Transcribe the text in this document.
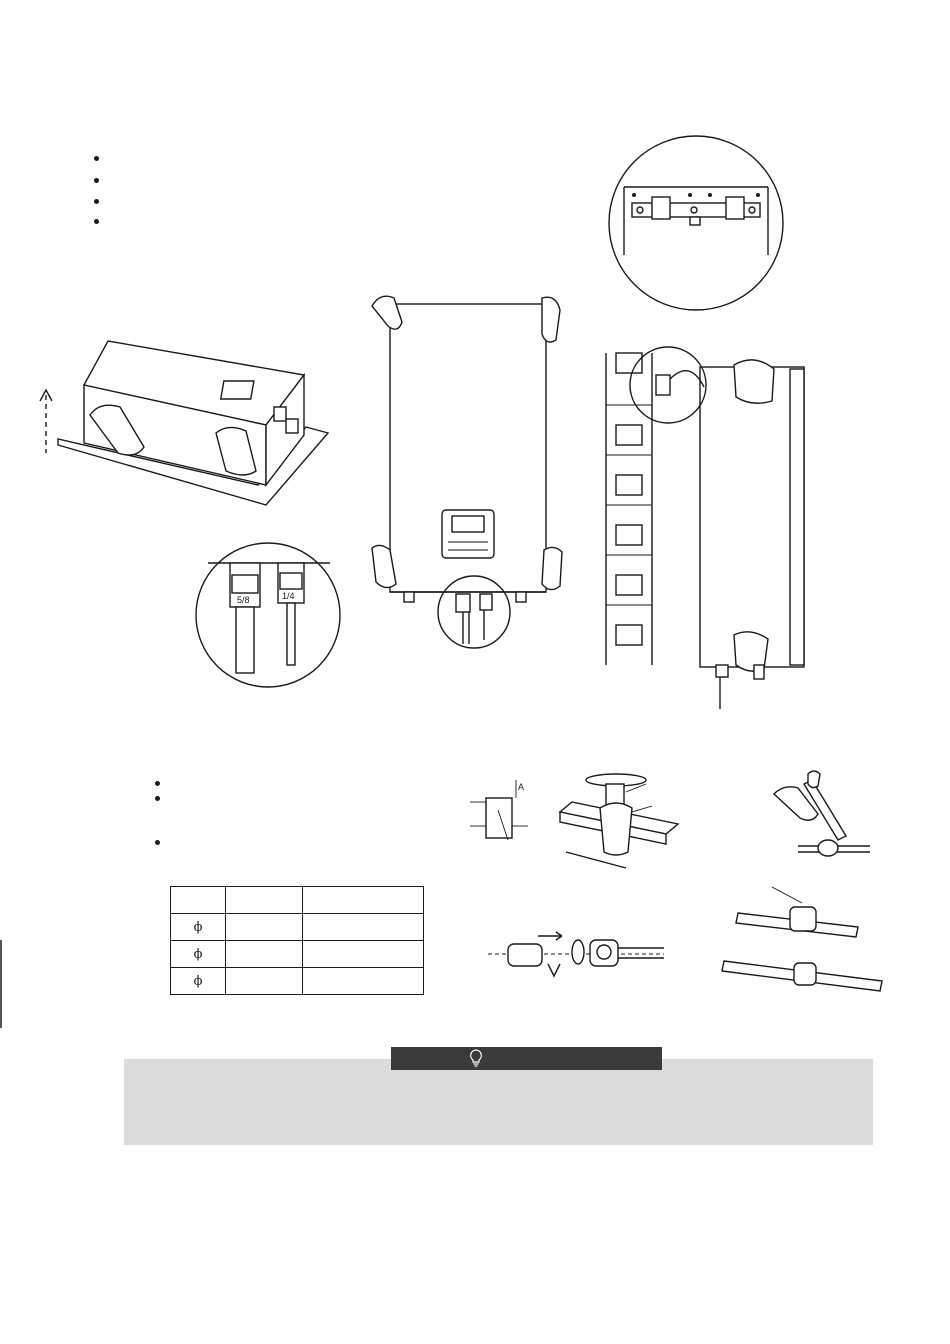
5/8	1/4

ϕ		
ϕ		
ϕ		
A
